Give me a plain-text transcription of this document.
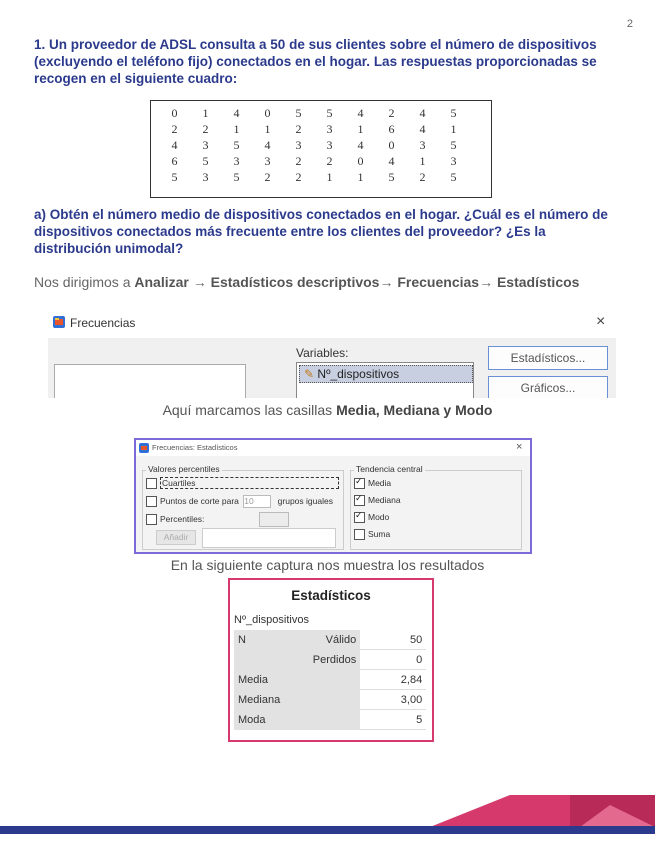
2
1. Un proveedor de ADSL consulta a 50 de sus clientes sobre el número de dispositivos (excluyendo el teléfono fijo) conectados en el hogar. Las respuestas proporcionadas se recogen en el siguiente cuadro:
0	1	4	0	5	5	4	2	4	5
2	2	1	1	2	3	1	6	4	1
4	3	5	4	3	3	4	0	3	5
6	5	3	3	2	2	0	4	1	3
5	3	5	2	2	1	1	5	2	5
a) Obtén el número medio de dispositivos conectados en el hogar. ¿Cuál es el número de dispositivos conectados más frecuente entre los clientes del proveedor? ¿Es la distribución unimodal?
Nos dirigimos a Analizar → Estadísticos descriptivos→ Frecuencias→ Estadísticos
Frecuencias	×
Variables:
✎ Nº_dispositivos
Estadísticos...
Gráficos...
Aquí marcamos las casillas Media, Mediana y Modo
Frecuencias: Estadísticos	×
Valores percentiles
Cuartiles
Puntos de corte para 10	grupos iguales
Percentiles:
Añadir
Tendencia central
✓Media
✓Mediana
✓Modo
Suma
En la siguiente captura nos muestra los resultados
Estadísticos
Nº_dispositivos
N	Válido	50
	Perdidos	0
Media		2,84
Mediana		3,00
Moda		5
